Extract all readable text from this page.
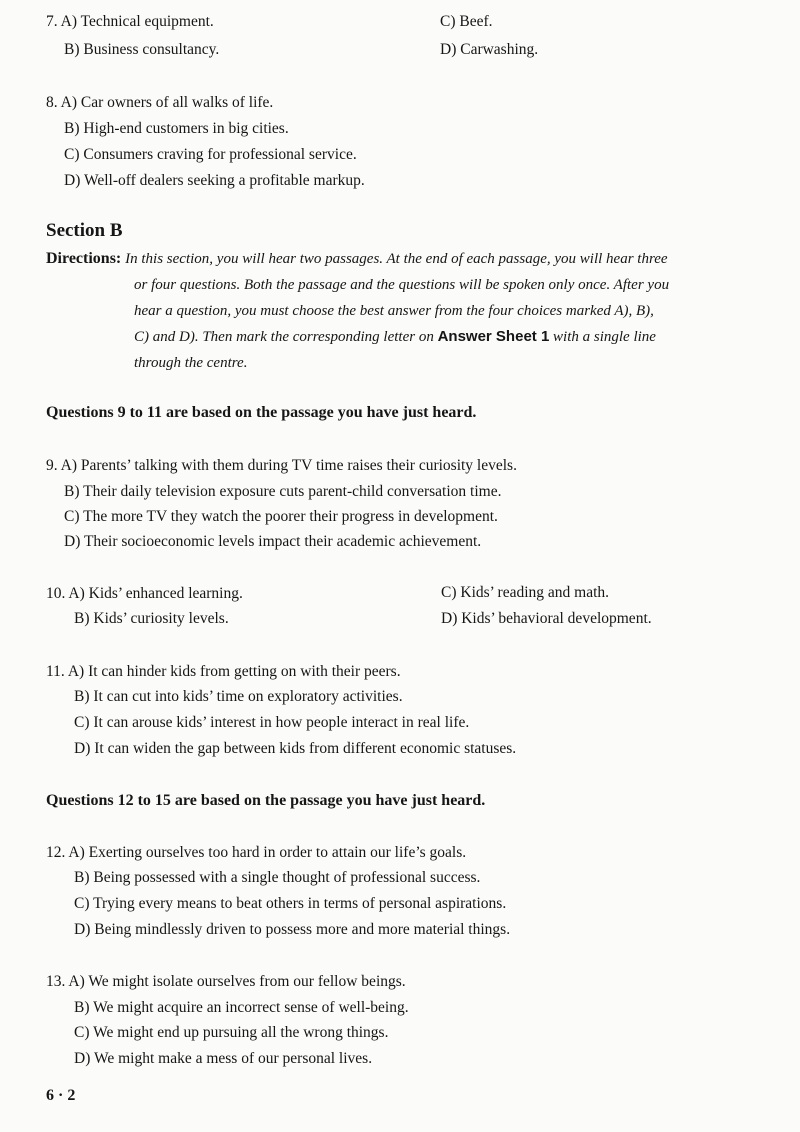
7. A) Technical equipment.	C) Beef.
B) Business consultancy.	D) Carwashing.
8. A) Car owners of all walks of life.
B) High-end customers in big cities.
C) Consumers craving for professional service.
D) Well-off dealers seeking a profitable markup.
Section B
Directions: In this section, you will hear two passages. At the end of each passage, you will hear three
or four questions. Both the passage and the questions will be spoken only once. After you
hear a question, you must choose the best answer from the four choices marked A), B),
C) and D). Then mark the corresponding letter on Answer Sheet 1 with a single line
through the centre.
Questions 9 to 11 are based on the passage you have just heard.
9. A) Parents’ talking with them during TV time raises their curiosity levels.
B) Their daily television exposure cuts parent-child conversation time.
C) The more TV they watch the poorer their progress in development.
D) Their socioeconomic levels impact their academic achievement.
10. A) Kids’ enhanced learning.	C) Kids’ reading and math.
B) Kids’ curiosity levels.	D) Kids’ behavioral development.
11. A) It can hinder kids from getting on with their peers.
B) It can cut into kids’ time on exploratory activities.
C) It can arouse kids’ interest in how people interact in real life.
D) It can widen the gap between kids from different economic statuses.
Questions 12 to 15 are based on the passage you have just heard.
12. A) Exerting ourselves too hard in order to attain our life’s goals.
B) Being possessed with a single thought of professional success.
C) Trying every means to beat others in terms of personal aspirations.
D) Being mindlessly driven to possess more and more material things.
13. A) We might isolate ourselves from our fellow beings.
B) We might acquire an incorrect sense of well-being.
C) We might end up pursuing all the wrong things.
D) We might make a mess of our personal lives.
6 · 2
